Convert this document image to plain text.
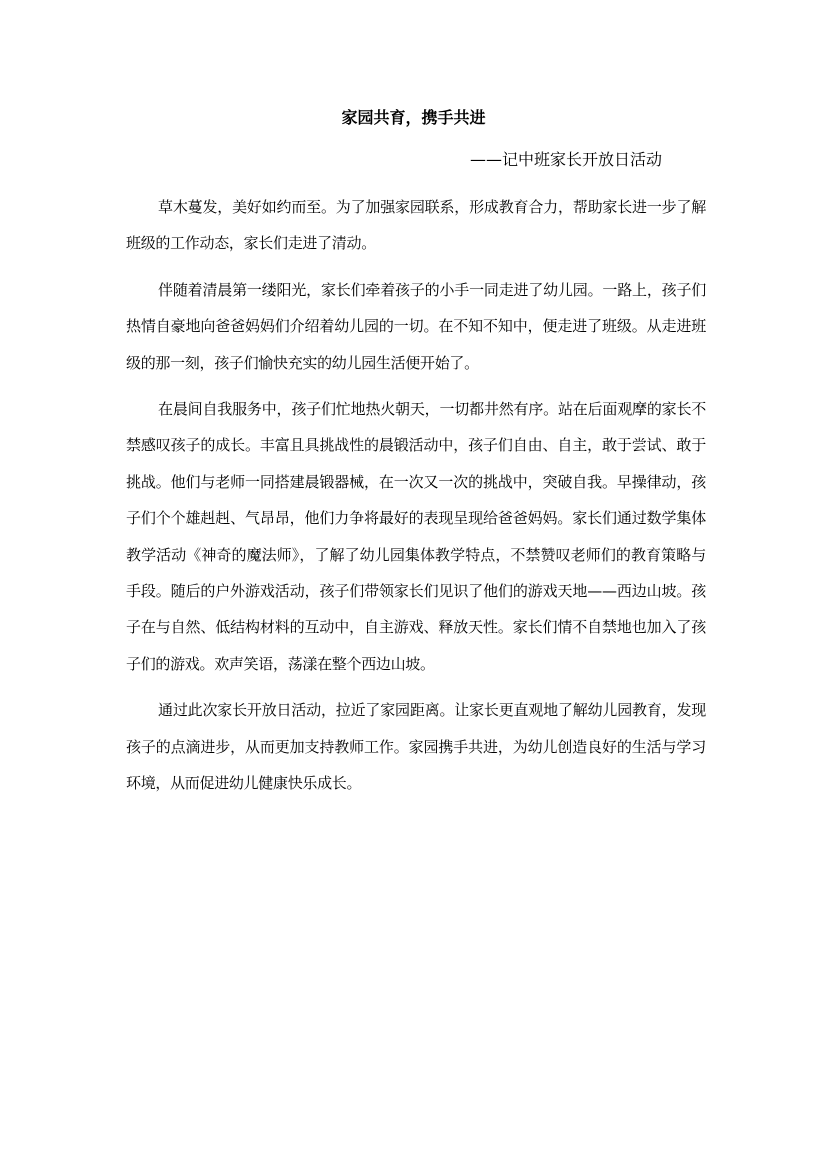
家园共育，携手共进

——记中班家长开放日活动

草木蔓发，美好如约而至。为了加强家园联系，形成教育合力，帮助家长进一步了解班级的工作动态，家长们走进了清动。

伴随着清晨第一缕阳光，家长们牵着孩子的小手一同走进了幼儿园。一路上，孩子们热情自豪地向爸爸妈妈们介绍着幼儿园的一切。在不知不知中，便走进了班级。从走进班级的那一刻，孩子们愉快充实的幼儿园生活便开始了。

在晨间自我服务中，孩子们忙地热火朝天，一切都井然有序。站在后面观摩的家长不禁感叹孩子的成长。丰富且具挑战性的晨锻活动中，孩子们自由、自主，敢于尝试、敢于挑战。他们与老师一同搭建晨锻器械，在一次又一次的挑战中，突破自我。早操律动，孩子们个个雄赳赳、气昂昂，他们力争将最好的表现呈现给爸爸妈妈。家长们通过数学集体教学活动《神奇的魔法师》，了解了幼儿园集体教学特点，不禁赞叹老师们的教育策略与手段。随后的户外游戏活动，孩子们带领家长们见识了他们的游戏天地——西边山坡。孩子在与自然、低结构材料的互动中，自主游戏、释放天性。家长们情不自禁地也加入了孩子们的游戏。欢声笑语，荡漾在整个西边山坡。

通过此次家长开放日活动，拉近了家园距离。让家长更直观地了解幼儿园教育，发现孩子的点滴进步，从而更加支持教师工作。家园携手共进，为幼儿创造良好的生活与学习环境，从而促进幼儿健康快乐成长。
